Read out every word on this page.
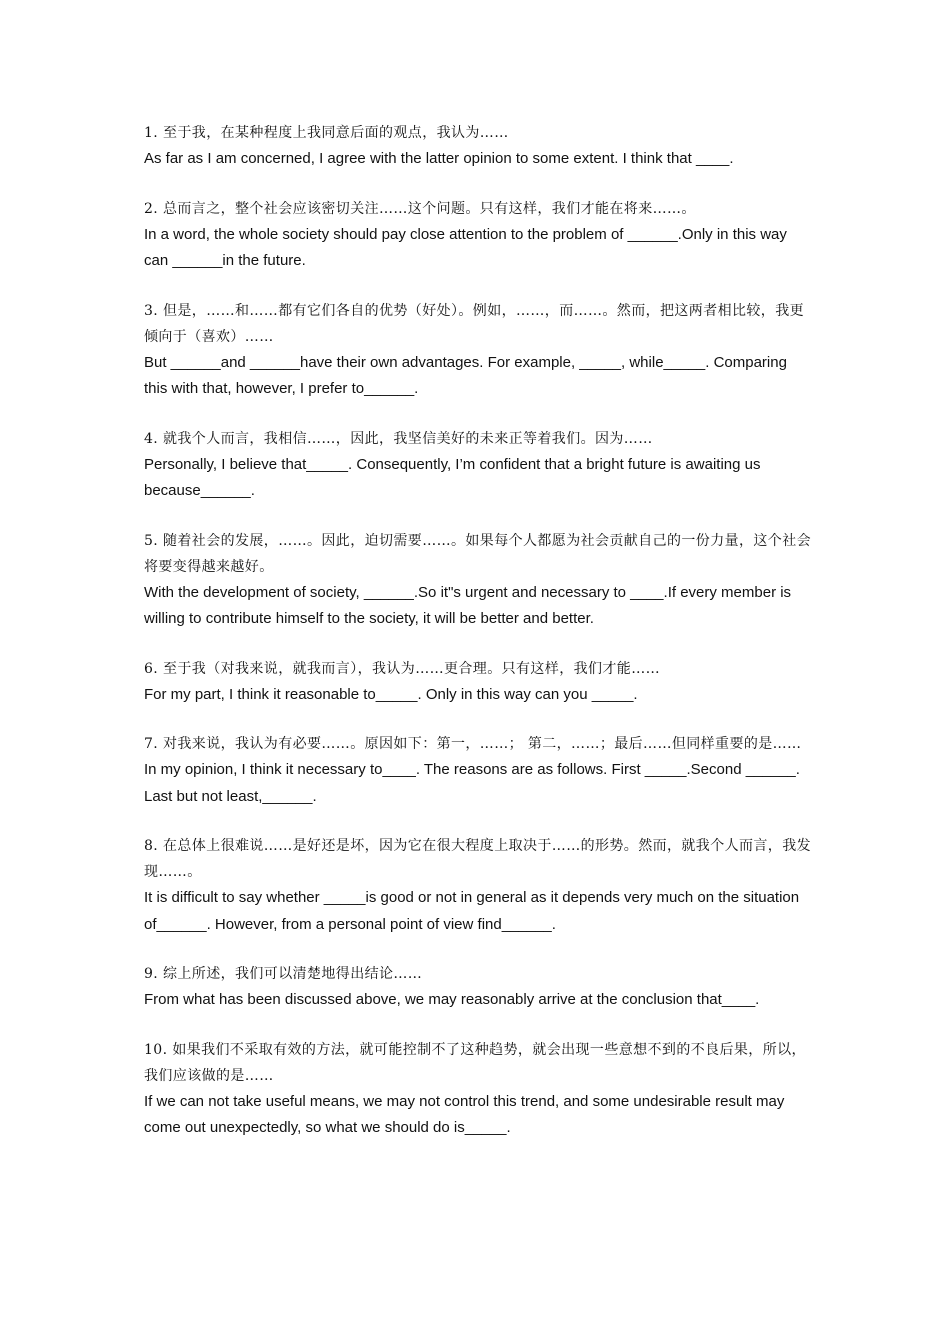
1. 至于我，在某种程度上我同意后面的观点，我认为……

As far as I am concerned, I agree with the latter opinion to some extent. I think that ____.

2. 总而言之，整个社会应该密切关注……这个问题。只有这样，我们才能在将来……。

In a word, the whole society should pay close attention to the problem of ______.Only in this way can ______in the future.

3. 但是，……和……都有它们各自的优势（好处）。例如，……，而……。然而，把这两者相比较，我更倾向于（喜欢）……

But ______and ______have their own advantages. For example, _____, while_____. Comparing this with that, however, I prefer to______.

4. 就我个人而言，我相信……，因此，我坚信美好的未来正等着我们。因为……

Personally, I believe that_____. Consequently, I’m confident that a bright future is awaiting us because______.

5. 随着社会的发展，……。因此，迫切需要……。如果每个人都愿为社会贡献自己的一份力量，这个社会将要变得越来越好。

With the development of society, ______.So it"s urgent and necessary to ____.If every member is willing to contribute himself to the society, it will be better and better.

6. 至于我（对我来说，就我而言），我认为……更合理。只有这样，我们才能……

For my part, I think it reasonable to_____. Only in this way can you _____.

7. 对我来说，我认为有必要……。原因如下：第一，……； 第二，……；最后……但同样重要的是……

In my opinion, I think it necessary to____. The reasons are as follows. First _____.Second ______. Last but not least,______.

8. 在总体上很难说……是好还是坏，因为它在很大程度上取决于……的形势。然而，就我个人而言，我发现……。

It is difficult to say whether _____is good or not in general as it depends very much on the situation of______. However, from a personal point of view find______.

9. 综上所述，我们可以清楚地得出结论……

From what has been discussed above, we may reasonably arrive at the conclusion that____.

10. 如果我们不采取有效的方法，就可能控制不了这种趋势，就会出现一些意想不到的不良后果，所以，我们应该做的是……

If we can not take useful means, we may not control this trend, and some undesirable result may come out unexpectedly, so what we should do is_____.
